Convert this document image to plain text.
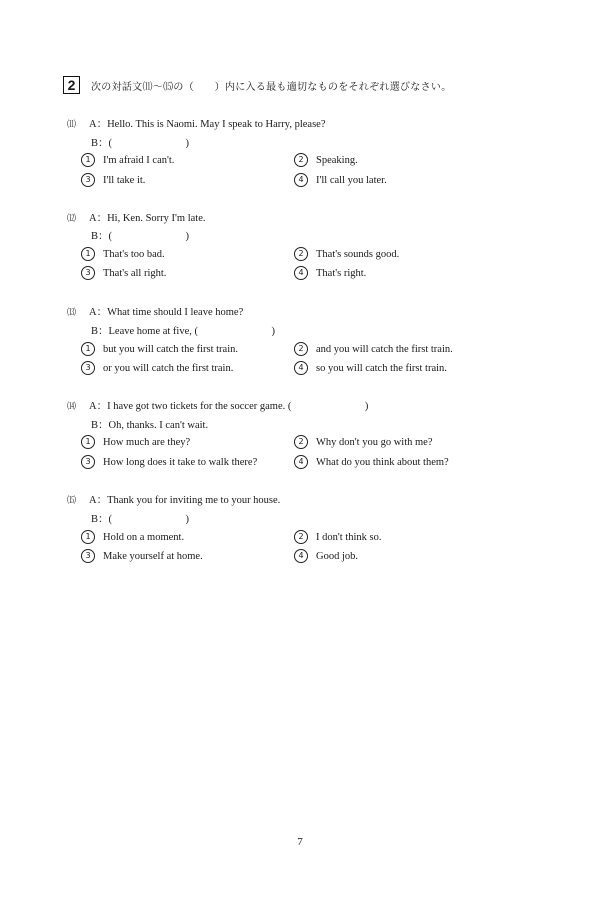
2	次の対話文⑾〜⒂の（　　）内に入る最も適切なものをそれぞれ選びなさい。
⑾ A：Hello. This is Naomi. May I speak to Harry, please?
B：(　　　　　　　)
1 I'm afraid I can't.	2 Speaking.
3 I'll take it.	4 I'll call you later.
⑿ A：Hi, Ken. Sorry I'm late.
B：(　　　　　　　)
1 That's too bad.	2 That's sounds good.
3 That's all right.	4 That's right.
⒀ A：What time should I leave home?
B：Leave home at five, (　　　　　　　)
1 but you will catch the first train.	2 and you will catch the first train.
3 or you will catch the first train.	4 so you will catch the first train.
⒁ A：I have got two tickets for the soccer game. (　　　　　　　)
B：Oh, thanks. I can't wait.
1 How much are they?	2 Why don't you go with me?
3 How long does it take to walk there?	4 What do you think about them?
⒂ A：Thank you for inviting me to your house.
B：(　　　　　　　)
1 Hold on a moment.	2 I don't think so.
3 Make yourself at home.	4 Good job.
7
